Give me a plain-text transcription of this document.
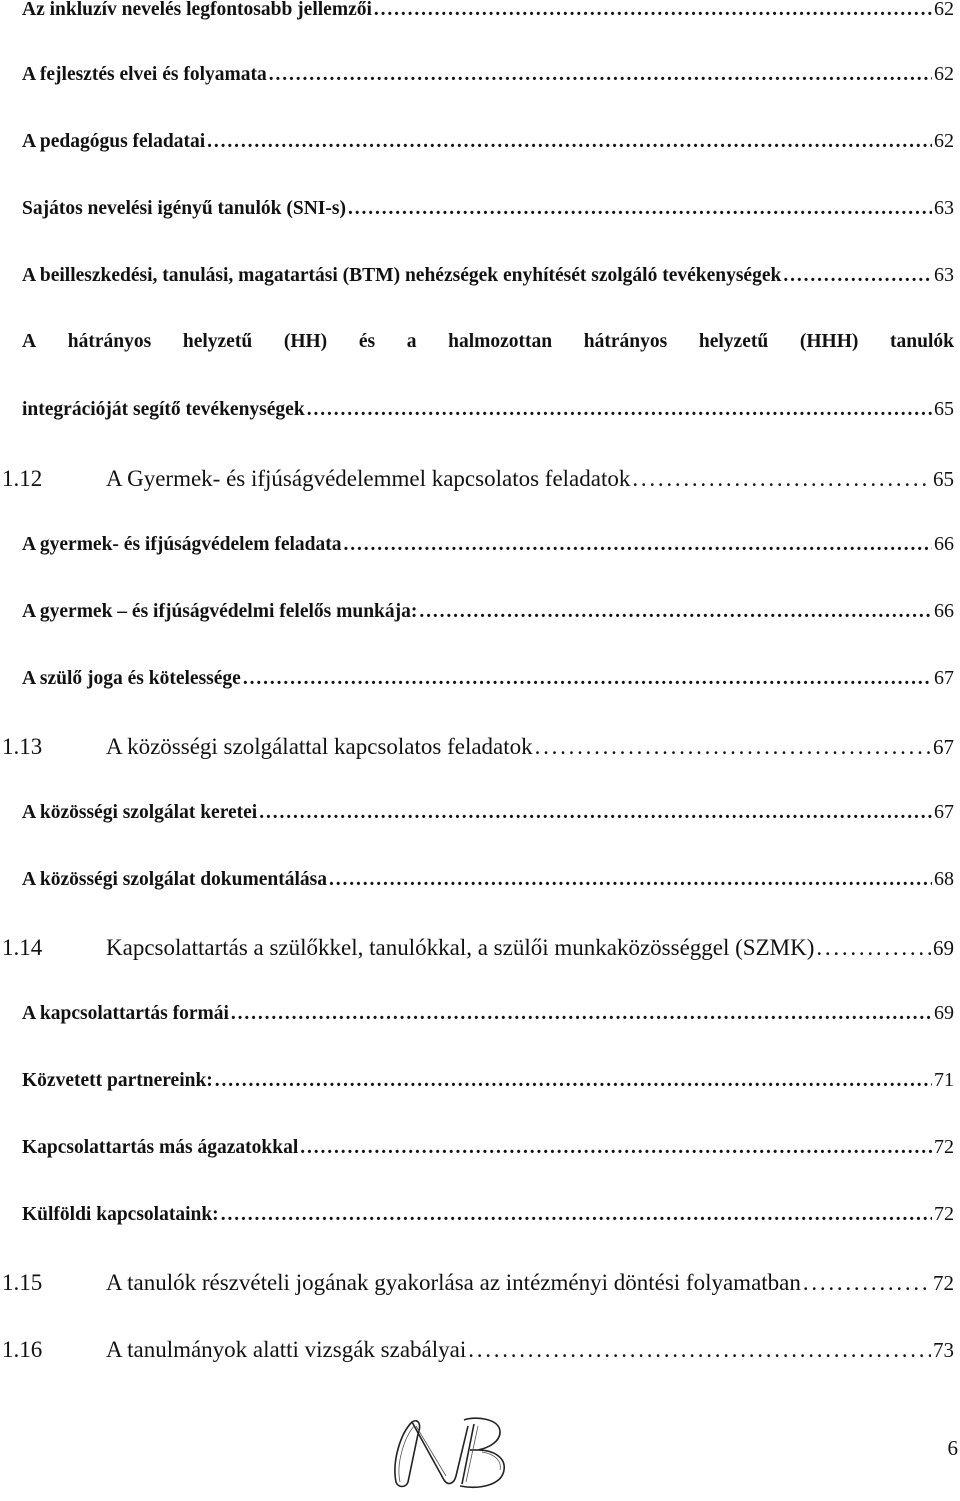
Az inkluzív nevelés legfontosabb jellemzői . . .	62
A fejlesztés elvei és folyamata . . .	62
A pedagógus feladatai . . .	62
Sajátos nevelési igényű tanulók (SNI-s) . . .	63
A beilleszkedési, tanulási, magatartási (BTM) nehézségek enyhítését szolgáló tevékenységek . . .	63
A hátrányos helyzetű (HH) és a halmozottan hátrányos helyzetű (HHH) tanulók
integrációját segítő tevékenységek . . .	65
1.12	A Gyermek- és ifjúságvédelemmel kapcsolatos feladatok . . .	65
A gyermek- és ifjúságvédelem feladata . . .	66
A gyermek – és ifjúságvédelmi felelős munkája: . . .	66
A szülő joga és kötelessége . . .	67
1.13	A közösségi szolgálattal kapcsolatos feladatok . . .	67
A közösségi szolgálat keretei . . .	67
A közösségi szolgálat dokumentálása . . .	68
1.14	Kapcsolattartás a szülőkkel, tanulókkal, a szülői munkaközösséggel (SZMK) . . .	69
A kapcsolattartás formái . . .	69
Közvetett partnereink: . . .	71
Kapcsolattartás más ágazatokkal . . .	72
Külföldi kapcsolataink: . . .	72
1.15	A tanulók részvételi jogának gyakorlása az intézményi döntési folyamatban . . .	72
1.16	A tanulmányok alatti vizsgák szabályai . . .	73
6
